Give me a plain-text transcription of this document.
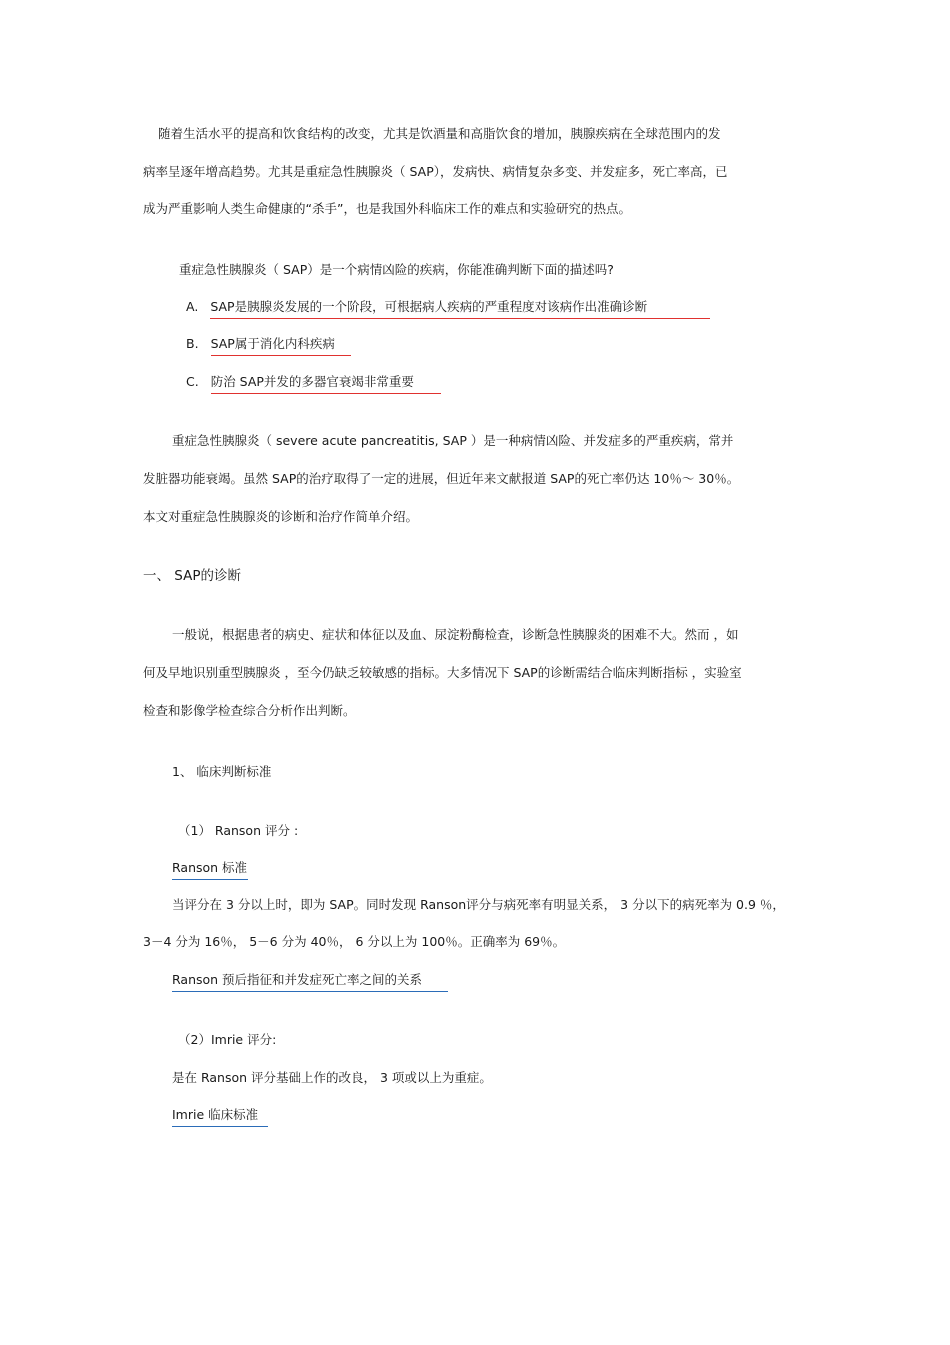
随着生活水平的提高和饮食结构的改变，尤其是饮酒量和高脂饮食的增加，胰腺疾病在全球范围内的发
病率呈逐年增高趋势。尤其是重症急性胰腺炎（ SAP），发病快、病情复杂多变、并发症多，死亡率高，已
成为严重影响人类生命健康的“杀手”，也是我国外科临床工作的难点和实验研究的热点。
重症急性胰腺炎（ SAP）是一个病情凶险的疾病，你能准确判断下面的描述吗?
A. SAP是胰腺炎发展的一个阶段，可根据病人疾病的严重程度对该病作出准确诊断
B. SAP属于消化内科疾病
C. 防治 SAP并发的多器官衰竭非常重要
重症急性胰腺炎（ severe acute pancreatitis, SAP ）是一种病情凶险、并发症多的严重疾病，常并
发脏器功能衰竭。虽然 SAP的治疗取得了一定的进展，但近年来文献报道 SAP的死亡率仍达 10％～ 30％。
本文对重症急性胰腺炎的诊断和治疗作简单介绍。
一、 SAP的诊断
一般说，根据患者的病史、症状和体征以及血、尿淀粉酶检查，诊断急性胰腺炎的困难不大。然而 ，如
何及早地识别重型胰腺炎 ，至今仍缺乏较敏感的指标。大多情况下 SAP的诊断需结合临床判断指标 ，实验室
检查和影像学检查综合分析作出判断。
1、 临床判断标准
（1） Ranson 评分 :
Ranson 标准
当评分在 3 分以上时，即为 SAP。同时发现 Ranson评分与病死率有明显关系， 3 分以下的病死率为 0.9 ％，
3－4 分为 16％， 5－6 分为 40％， 6 分以上为 100％。正确率为 69％。
Ranson 预后指征和并发症死亡率之间的关系
（2）Imrie 评分:
是在 Ranson 评分基础上作的改良， 3 项或以上为重症。
Imrie 临床标准
